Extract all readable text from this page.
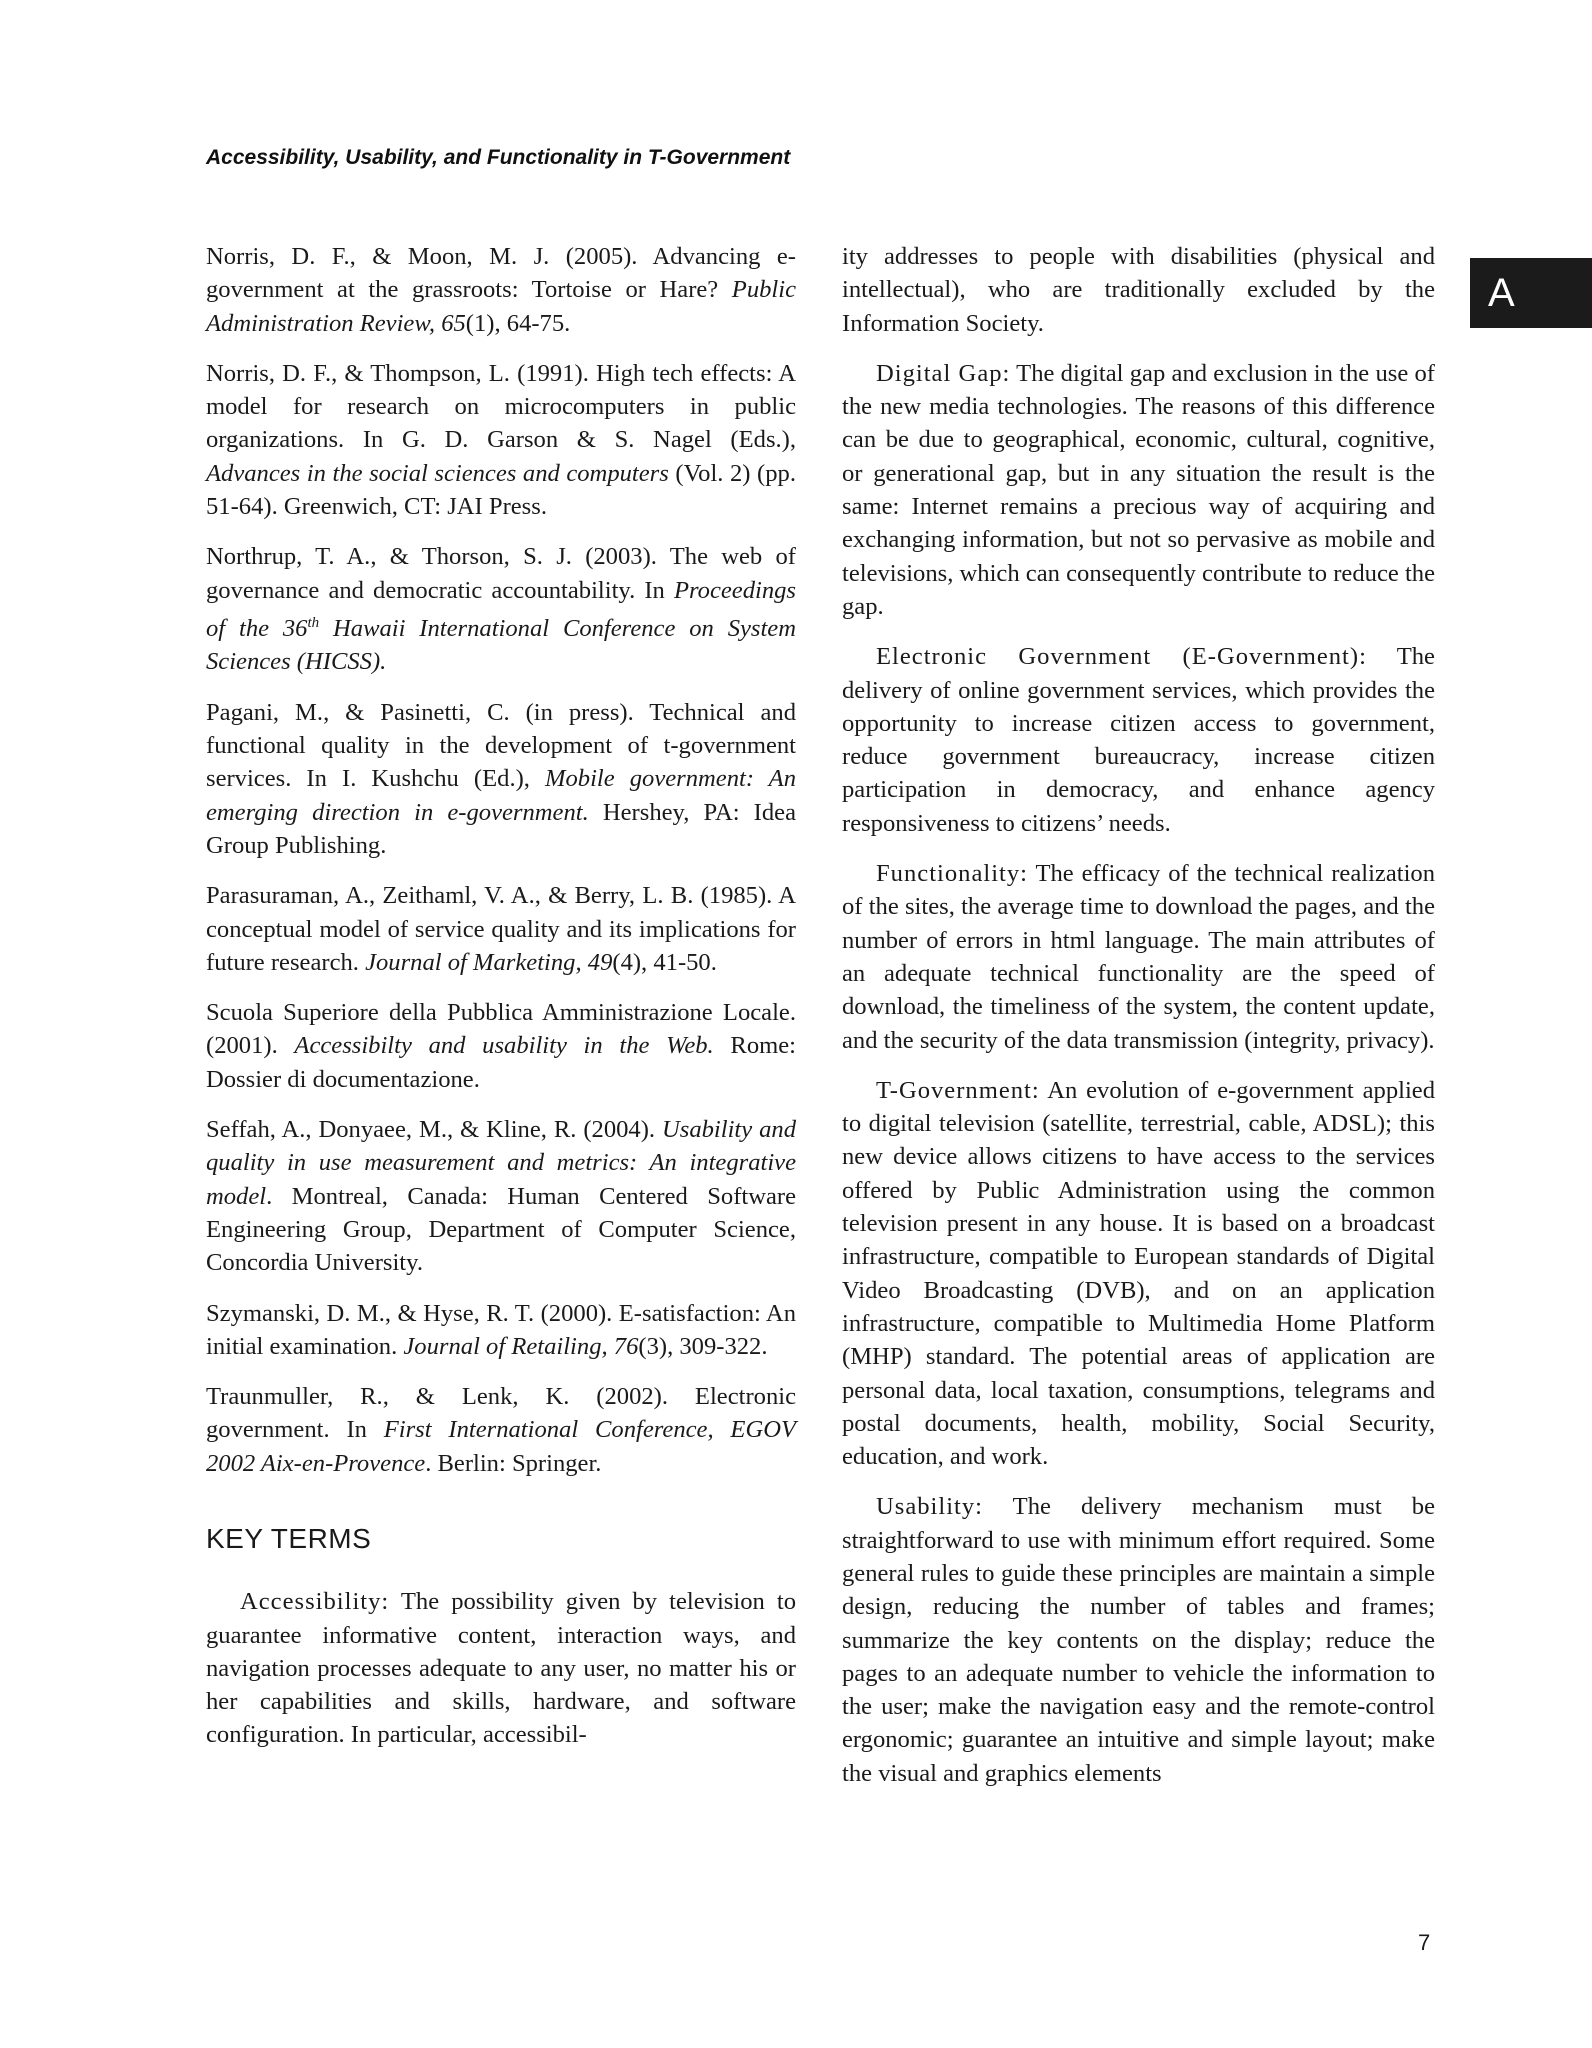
Accessibility, Usability, and Functionality in T-Government
A

Norris, D. F., & Moon, M. J. (2005). Advancing e-government at the grassroots: Tortoise or Hare? Public Administration Review, 65(1), 64-75.

Norris, D. F., & Thompson, L. (1991). High tech effects: A model for research on microcomputers in public organizations. In G. D. Garson & S. Nagel (Eds.), Advances in the social sciences and computers (Vol. 2) (pp. 51-64). Greenwich, CT: JAI Press.

Northrup, T. A., & Thorson, S. J. (2003). The web of governance and democratic accountability. In Proceedings of the 36th Hawaii International Conference on System Sciences (HICSS).

Pagani, M., & Pasinetti, C. (in press). Technical and functional quality in the development of t-government services. In I. Kushchu (Ed.), Mobile government: An emerging direction in e-government. Hershey, PA: Idea Group Publishing.

Parasuraman, A., Zeithaml, V. A., & Berry, L. B. (1985). A conceptual model of service quality and its implications for future research. Journal of Marketing, 49(4), 41-50.

Scuola Superiore della Pubblica Amministrazione Locale. (2001). Accessibilty and usability in the Web. Rome: Dossier di documentazione.

Seffah, A., Donyaee, M., & Kline, R. (2004). Usability and quality in use measurement and metrics: An integrative model. Montreal, Canada: Human Centered Software Engineering Group, Department of Computer Science, Concordia University.

Szymanski, D. M., & Hyse, R. T. (2000). E-satisfaction: An initial examination. Journal of Retailing, 76(3), 309-322.

Traunmuller, R., & Lenk, K. (2002). Electronic government. In First International Conference, EGOV 2002 Aix-en-Provence. Berlin: Springer.

KEY TERMS

Accessibility: The possibility given by television to guarantee informative content, interaction ways, and navigation processes adequate to any user, no matter his or her capabilities and skills, hardware, and software configuration. In particular, accessibil-

ity addresses to people with disabilities (physical and intellectual), who are traditionally excluded by the Information Society.

Digital Gap: The digital gap and exclusion in the use of the new media technologies. The reasons of this difference can be due to geographical, economic, cultural, cognitive, or generational gap, but in any situation the result is the same: Internet remains a precious way of acquiring and exchanging information, but not so pervasive as mobile and televisions, which can consequently contribute to reduce the gap.

Electronic Government (E-Government): The delivery of online government services, which provides the opportunity to increase citizen access to government, reduce government bureaucracy, increase citizen participation in democracy, and enhance agency responsiveness to citizens’ needs.

Functionality: The efficacy of the technical realization of the sites, the average time to download the pages, and the number of errors in html language. The main attributes of an adequate technical functionality are the speed of download, the timeliness of the system, the content update, and the security of the data transmission (integrity, privacy).

T-Government: An evolution of e-government applied to digital television (satellite, terrestrial, cable, ADSL); this new device allows citizens to have access to the services offered by Public Administration using the common television present in any house. It is based on a broadcast infrastructure, compatible to European standards of Digital Video Broadcasting (DVB), and on an application infrastructure, compatible to Multimedia Home Platform (MHP) standard. The potential areas of application are personal data, local taxation, consumptions, telegrams and postal documents, health, mobility, Social Security, education, and work.

Usability: The delivery mechanism must be straightforward to use with minimum effort required. Some general rules to guide these principles are maintain a simple design, reducing the number of tables and frames; summarize the key contents on the display; reduce the pages to an adequate number to vehicle the information to the user; make the navigation easy and the remote-control ergonomic; guarantee an intuitive and simple layout; make the visual and graphics elements

7
